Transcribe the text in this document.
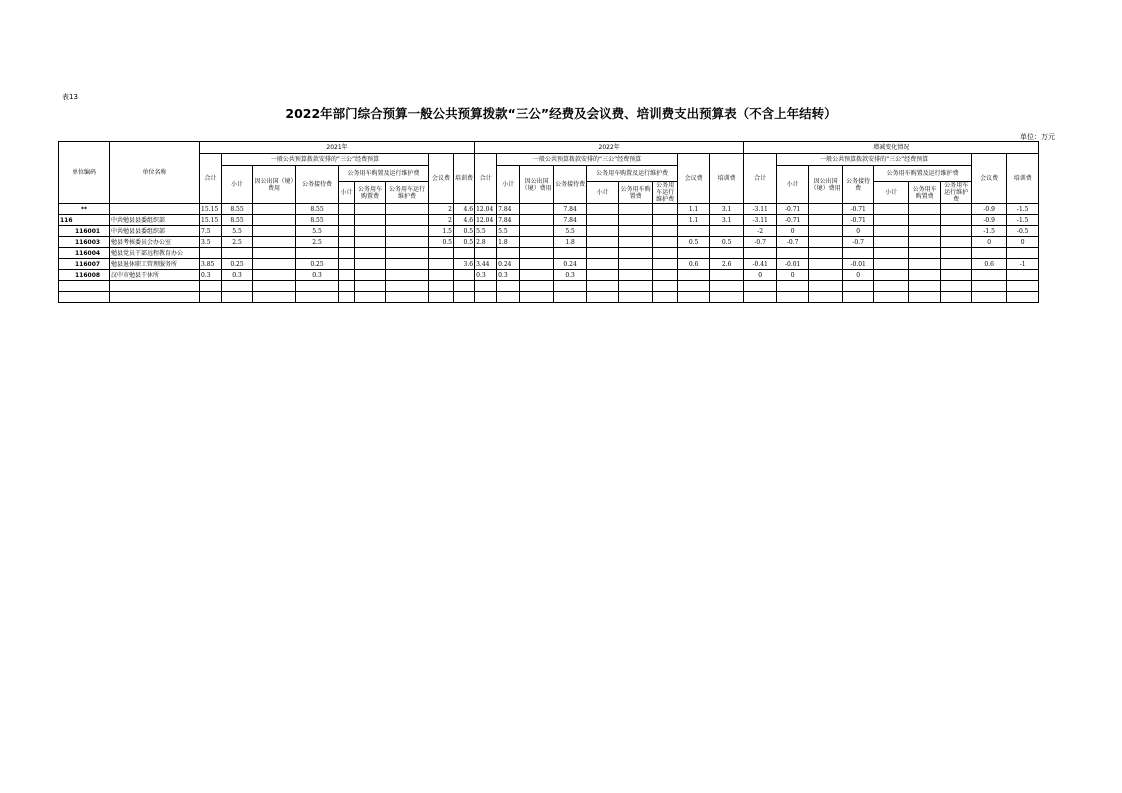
表13
2022年部门综合预算一般公共预算拨款“三公”经费及会议费、培训费支出预算表（不含上年结转）
单位：万元
单位编码	单位名称	2021年									2022年									增减变化情况								
		合计	一般公共预算拨款安排的“三公”经费预算						会议费	培训费	合计	一般公共预算拨款安排的“三公”经费预算						会议费	培训费	合计	一般公共预算拨款安排的“三公”经费预算						会议费	培训费
			小计	因公出国（境）费用	公务接待费	公务用车购置及运行维护费						小计	因公出国（境）费用	公务接待费	公务用车购置及运行维护费						小计	因公出国（境）费用	公务接待费	公务用车购置及运行维护费				
						小计	公务用车购置费	公务用车运行维护费							小计	公务用车购置费	公务用车运行维护费							小计	公务用车购置费	公务用车运行维护费		
**		15.15	8.55		8.55				2	4.6	12.04	7.84		7.84				1.1	3.1	-3.11	-0.71		-0.71				-0.9	-1.5
116	中共勉县县委组织部	15.15	8.55		8.55				2	4.6	12.04	7.84		7.84				1.1	3.1	-3.11	-0.71		-0.71				-0.9	-1.5
116001	中共勉县县委组织部	7.5	5.5		5.5				1.5	0.5	5.5	5.5		5.5						-2	0		0				-1.5	-0.5
116003	勉县考核委员会办公室	3.5	2.5		2.5				0.5	0.5	2.8	1.8		1.8				0.5	0.5	-0.7	-0.7		-0.7				0	0
116004	勉县党员干部远程教育办公																											
116007	勉县退休职工管理服务所	3.85	0.25		0.25					3.6	3.44	0.24		0.24				0.6	2.6	-0.41	-0.01		-0.01				0.6	-1
116008	汉中市勉县干休所	0.3	0.3		0.3						0.3	0.3		0.3						0	0		0					
